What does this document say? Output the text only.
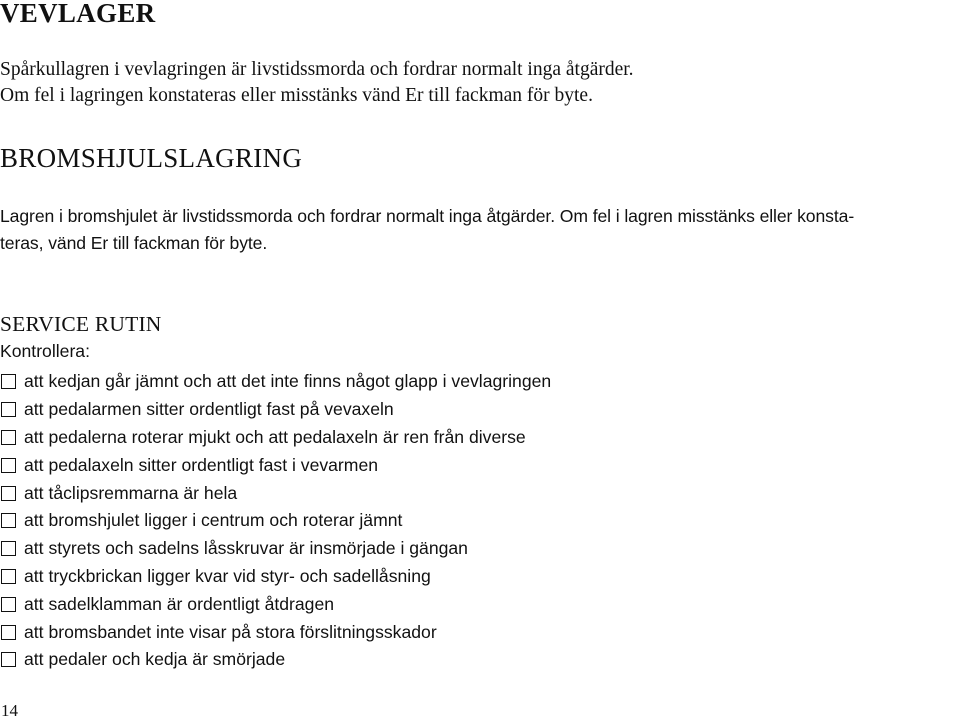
VEVLAGER
Spårkullagren i vevlagringen är livstidssmorda och fordrar normalt inga åtgärder.
Om fel i lagringen konstateras eller misstänks vänd Er till fackman för byte.
BROMSHJULSLAGRING
Lagren i bromshjulet är livstidssmorda och fordrar normalt inga åtgärder. Om fel i lagren misstänks eller konsta-
teras, vänd Er till fackman för byte.
SERVICE RUTIN
Kontrollera:
att kedjan går jämnt och att det inte finns något glapp i vevlagringen
att pedalarmen sitter ordentligt fast på vevaxeln
att pedalerna roterar mjukt och att pedalaxeln är ren från diverse
att pedalaxeln sitter ordentligt fast i vevarmen
att tåclipsremmarna är hela
att bromshjulet ligger i centrum och roterar jämnt
att styrets och sadelns låsskruvar är insmörjade i gängan
att tryckbrickan ligger kvar vid styr- och sadellåsning
att sadelklamman är ordentligt åtdragen
att bromsbandet inte visar på stora förslitningsskador
att pedaler och kedja är smörjade
14
